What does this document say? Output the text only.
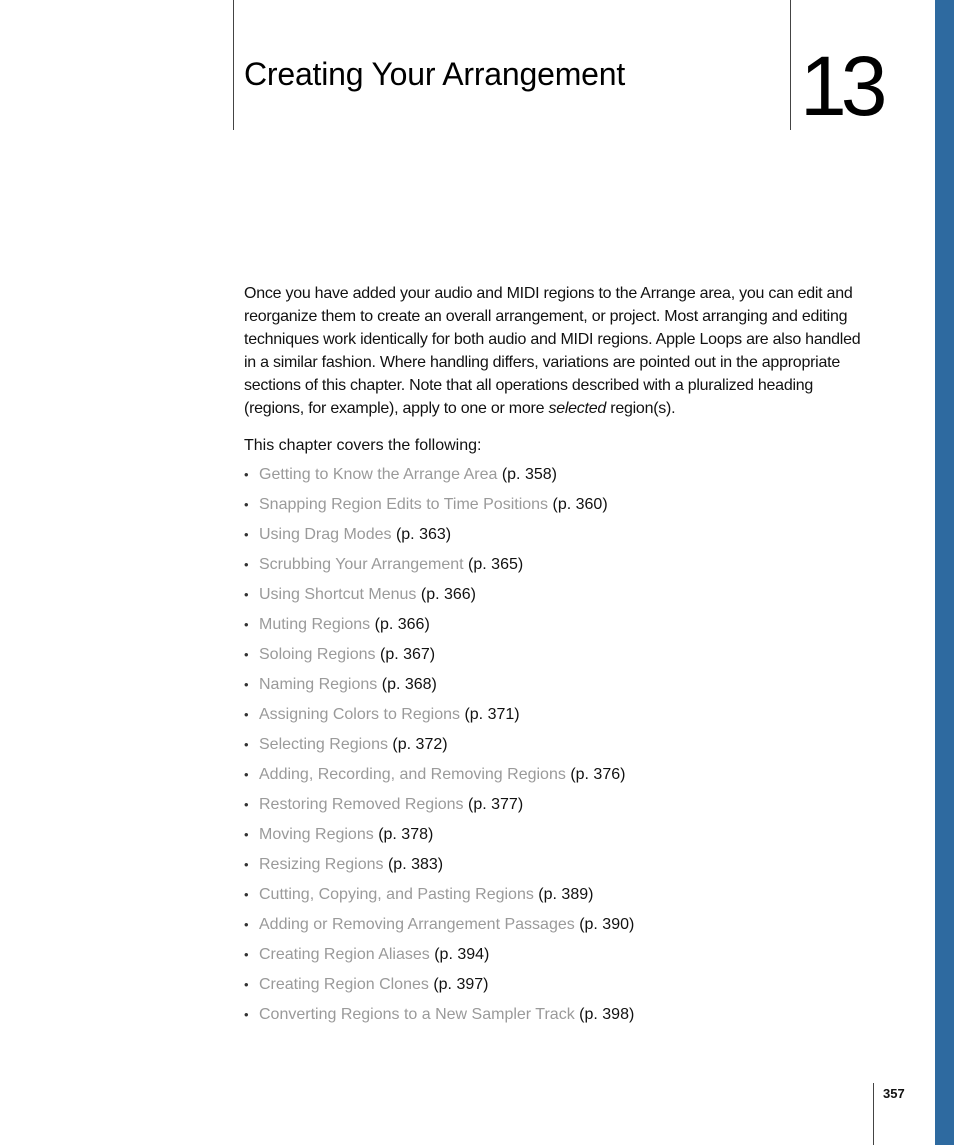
Creating Your Arrangement 13

Once you have added your audio and MIDI regions to the Arrange area, you can edit and reorganize them to create an overall arrangement, or project. Most arranging and editing techniques work identically for both audio and MIDI regions. Apple Loops are also handled in a similar fashion. Where handling differs, variations are pointed out in the appropriate sections of this chapter. Note that all operations described with a pluralized heading (regions, for example), apply to one or more selected region(s).

This chapter covers the following:

• Getting to Know the Arrange Area (p. 358)
• Snapping Region Edits to Time Positions (p. 360)
• Using Drag Modes (p. 363)
• Scrubbing Your Arrangement (p. 365)
• Using Shortcut Menus (p. 366)
• Muting Regions (p. 366)
• Soloing Regions (p. 367)
• Naming Regions (p. 368)
• Assigning Colors to Regions (p. 371)
• Selecting Regions (p. 372)
• Adding, Recording, and Removing Regions (p. 376)
• Restoring Removed Regions (p. 377)
• Moving Regions (p. 378)
• Resizing Regions (p. 383)
• Cutting, Copying, and Pasting Regions (p. 389)
• Adding or Removing Arrangement Passages (p. 390)
• Creating Region Aliases (p. 394)
• Creating Region Clones (p. 397)
• Converting Regions to a New Sampler Track (p. 398)
357
